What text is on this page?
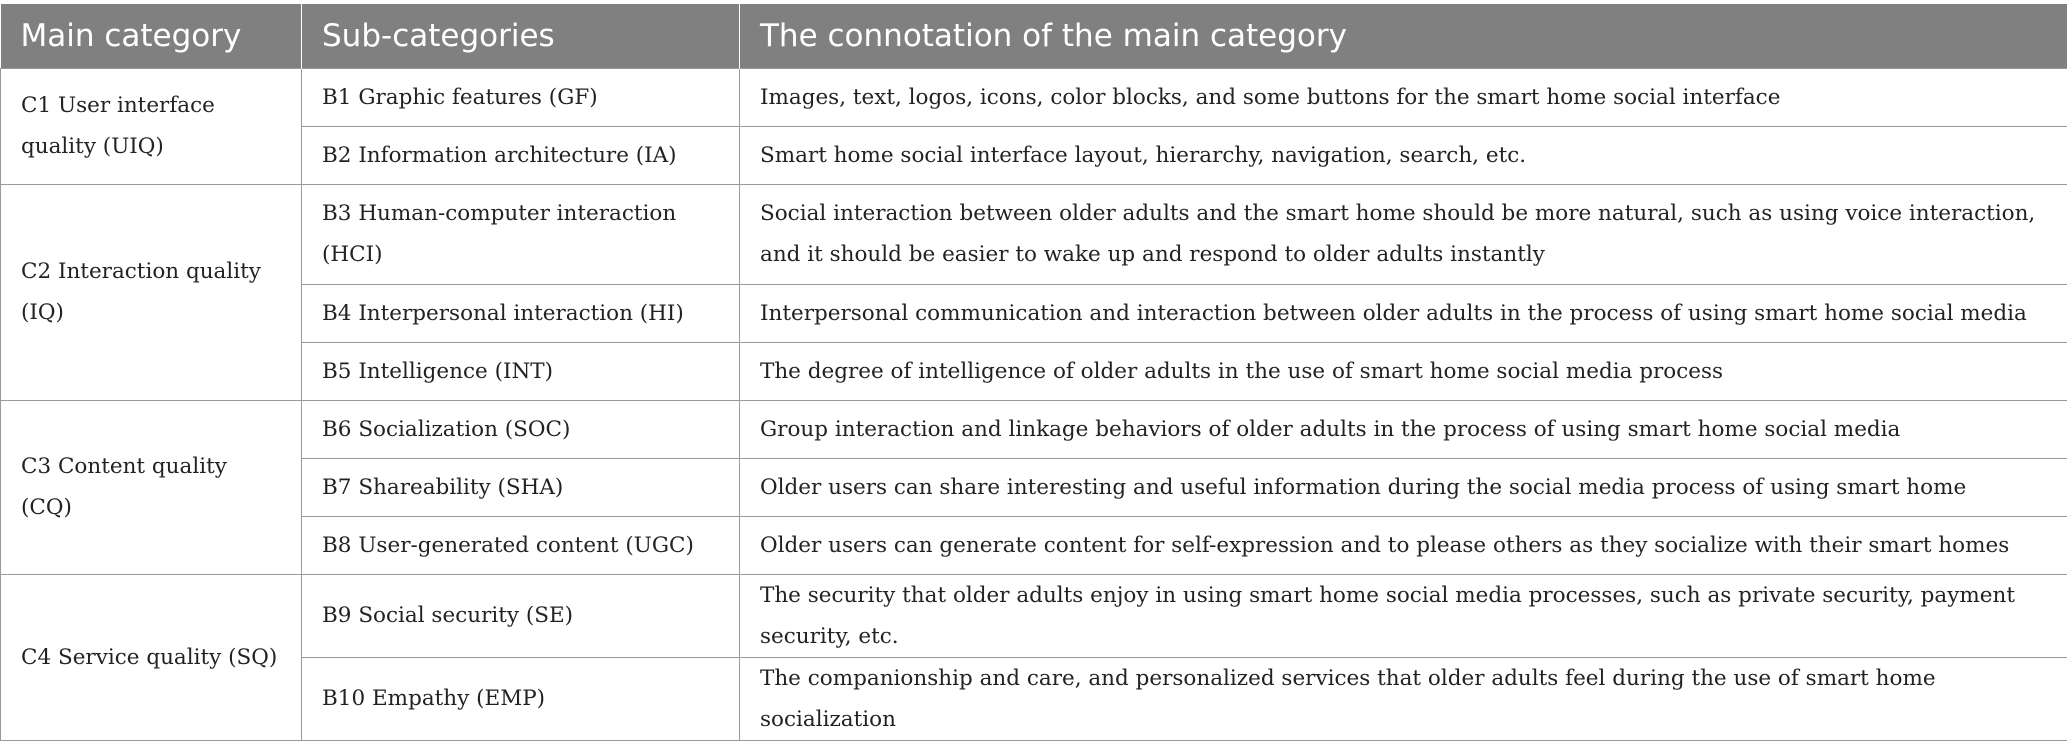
Main category	Sub-categories	The connotation of the main category
C1 User interface quality (UIQ)	B1 Graphic features (GF)	Images, text, logos, icons, color blocks, and some buttons for the smart home social interface
	B2 Information architecture (IA)	Smart home social interface layout, hierarchy, navigation, search, etc.
C2 Interaction quality (IQ)	B3 Human-computer interaction (HCI)	Social interaction between older adults and the smart home should be more natural, such as using voice interaction, and it should be easier to wake up and respond to older adults instantly
	B4 Interpersonal interaction (HI)	Interpersonal communication and interaction between older adults in the process of using smart home social media
	B5 Intelligence (INT)	The degree of intelligence of older adults in the use of smart home social media process
C3 Content quality (CQ)	B6 Socialization (SOC)	Group interaction and linkage behaviors of older adults in the process of using smart home social media
	B7 Shareability (SHA)	Older users can share interesting and useful information during the social media process of using smart home
	B8 User-generated content (UGC)	Older users can generate content for self-expression and to please others as they socialize with their smart homes
C4 Service quality (SQ)	B9 Social security (SE)	The security that older adults enjoy in using smart home social media processes, such as private security, payment security, etc.
	B10 Empathy (EMP)	The companionship and care, and personalized services that older adults feel during the use of smart home socialization
